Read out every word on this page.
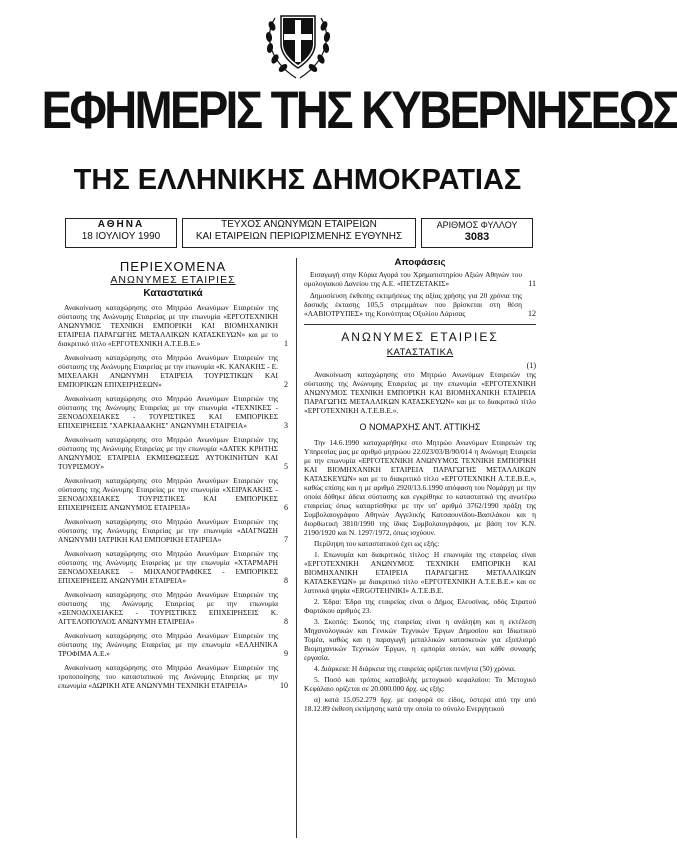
ΕΦΗΜΕΡΙΣ ΤΗΣ ΚΥΒΕΡΝΗΣΕΩΣ
ΤΗΣ ΕΛΛΗΝΙΚΗΣ ΔΗΜΟΚΡΑΤΙΑΣ
ΑΘΗΝΑ
18 ΙΟΥΛΙΟΥ 1990
ΤΕΥΧΟΣ ΑΝΩΝΥΜΩΝ ΕΤΑΙΡΕΙΩΝ
ΚΑΙ ΕΤΑΙΡΕΙΩΝ ΠΕΡΙΩΡΙΣΜΕΝΗΣ ΕΥΘΥΝΗΣ
ΑΡΙΘΜΟΣ ΦΥΛΛΟΥ
3083
ΠΕΡΙΕΧΟΜΕΝΑ
ΑΝΩΝΥΜΕΣ ΕΤΑΙΡΙΕΣ
Καταστατικά
Ανακοίνωση καταχώρησης στο Μητρώο Ανωνύμων Εταιρειών της σύστασης της Ανώνυμης Εταιρείας με την επωνυμία «ΕΡΓΟΤΕΧΝΙΚΗ ΑΝΩΝΥΜΟΣ ΤΕΧΝΙΚΗ ΕΜΠΟΡΙΚΗ ΚΑΙ ΒΙΟΜΗΧΑΝΙΚΗ ΕΤΑΙΡΕΙΑ ΠΑΡΑΓΩΓΗΣ ΜΕΤΑΛΛΙΚΩΝ ΚΑΤΑΣΚΕΥΩΝ» και με το διακριτικό τίτλο «ΕΡΓΟΤΕΧΝΙΚΗ Α.Τ.Ε.Β.Ε.»	1
Ανακοίνωση καταχώρησης στο Μητρώο Ανωνύμων Εταιρειών της σύστασης της Ανώνυμης Εταιρείας με την επωνυμία «Κ. ΚΑΝΑΚΗΣ - Ε. ΜΙΧΕΛΑΚΗ ΑΝΩΝΥΜΗ ΕΤΑΙΡΕΙΑ ΤΟΥΡΙΣΤΙΚΩΝ ΚΑΙ ΕΜΠΟΡΙΚΩΝ ΕΠΙΧΕΙΡΗΣΕΩΝ»	2
Ανακοίνωση καταχώρησης στο Μητρώο Ανωνύμων Εταιρειών της σύστασης της Ανώνυμης Εταιρείας με την επωνυμία «ΤΕΧΝΙΚΕΣ - ΞΕΝΟΔΟΧΕΙΑΚΕΣ - ΤΟΥΡΙΣΤΙΚΕΣ ΚΑΙ ΕΜΠΟΡΙΚΕΣ ΕΠΙΧΕΙΡΗΣΕΙΣ "ΧΑΡΚΙΑΔΑΚΗΣ" ΑΝΩΝΥΜΗ ΕΤΑΙΡΕΙΑ»	3
Ανακοίνωση καταχώρησης στο Μητρώο Ανωνύμων Εταιρειών της σύστασης της Ανώνυμης Εταιρείας με την επωνυμία «ΔΑΤΕΚ ΚΡΗΤΗΣ ΑΝΩΝΥΜΟΣ ΕΤΑΙΡΕΙΑ ΕΚΜΙΣΘΩΣΕΩΣ ΑΥΤΟΚΙΝΗΤΩΝ ΚΑΙ ΤΟΥΡΙΣΜΟΥ»	5
Ανακοίνωση καταχώρησης στο Μητρώο Ανωνύμων Εταιρειών της σύστασης της Ανώνυμης Εταιρείας με την επωνυμία «ΧΕΙΡΑΚΑΚΗΣ - ΞΕΝΟΔΟΧΕΙΑΚΕΣ ΤΟΥΡΙΣΤΙΚΕΣ ΚΑΙ ΕΜΠΟΡΙΚΕΣ ΕΠΙΧΕΙΡΗΣΕΙΣ ΑΝΩΝΥΜΟΣ ΕΤΑΙΡΕΙΑ»	6
Ανακοίνωση καταχώρησης στο Μητρώο Ανωνύμων Εταιρειών της σύστασης της Ανώνυμης Εταιρείας με την επωνυμία «ΔΙΑΓΝΩΣΗ ΑΝΩΝΥΜΗ ΙΑΤΡΙΚΗ ΚΑΙ ΕΜΠΟΡΙΚΗ ΕΤΑΙΡΕΙΑ»	7
Ανακοίνωση καταχώρησης στο Μητρώο Ανωνύμων Εταιρειών της σύστασης της Ανώνυμης Εταιρείας με την επωνυμία «ΧΤΑΡΜΑΡΗ ΞΕΝΟΔΟΧΕΙΑΚΕΣ - ΜΗΧΑΝΟΓΡΑΦΙΚΕΣ - ΕΜΠΟΡΙΚΕΣ ΕΠΙΧΕΙΡΗΣΕΙΣ ΑΝΩΝΥΜΗ ΕΤΑΙΡΕΙΑ»	8
Ανακοίνωση καταχώρησης στο Μητρώο Ανωνύμων Εταιρειών της σύστασης της Ανώνυμης Εταιρείας με την επωνυμία «ΞΕΝΟΔΟΧΕΙΑΚΕΣ - ΤΟΥΡΙΣΤΙΚΕΣ ΕΠΙΧΕΙΡΗΣΕΙΣ Κ. ΑΓΓΕΛΟΠΟΥΛΟΣ ΑΝΩΝΥΜΗ ΕΤΑΙΡΕΙΑ»	8
Ανακοίνωση καταχώρησης στο Μητρώο Ανωνύμων Εταιρειών της σύστασης της Ανώνυμης Εταιρείας με την επωνυμία «ΕΛΛΗΝΙΚΑ ΤΡΟΦΙΜΑ Α.Ε.»	9
Ανακοίνωση καταχώρησης στο Μητρώο Ανωνύμων Εταιρειών της τροποποίησης του καταστατικού της Ανώνυμης Εταιρείας με την επωνυμία «ΔΩΡΙΚΗ ΑΤΕ ΑΝΩΝΥΜΗ ΤΕΧΝΙΚΗ ΕΤΑΙΡΕΙΑ»	10
Αποφάσεις
Εισαγωγή στην Κύρια Αγορά του Χρηματιστηρίου Αξιών Αθηνών του ομολογιακού Δανείου της Α.Ε. «ΠΕΤΖΕΤΑΚΙΣ»	11
Δημοσίευση έκθεσης εκτιμήσεως της αξίας χρήσης για 20 χρόνια της δασικής έκτασης 105,5 στρεμμάτων που βρίσκεται στη θέση «ΛΑΒΙΟΤΡΥΠΕΣ» της Κοινότητας Οξυλίου Λάρισας	12
ΑΝΩΝΥΜΕΣ ΕΤΑΙΡΙΕΣ
ΚΑΤΑΣΤΑΤΙΚΑ
(1)
Ανακοίνωση καταχώρησης στο Μητρώο Ανωνύμων Εταιρειών της σύστασης της Ανώνυμης Εταιρείας με την επωνυμία «ΕΡΓΟΤΕΧΝΙΚΗ ΑΝΩΝΥΜΟΣ ΤΕΧΝΙΚΗ ΕΜΠΟΡΙΚΗ ΚΑΙ ΒΙΟΜΗΧΑΝΙΚΗ ΕΤΑΙΡΕΙΑ ΠΑΡΑΓΩΓΗΣ ΜΕΤΑΛΛΙΚΩΝ ΚΑΤΑΣΚΕΥΩΝ» και με το διακριτικό τίτλο «ΕΡΓΟΤΕΧΝΙΚΗ Α.Τ.Ε.Β.Ε.».
Ο ΝΟΜΑΡΧΗΣ ΑΝΤ. ΑΤΤΙΚΗΣ
Την 14.6.1990 καταχωρήθηκε στο Μητρώο Ανωνύμων Εταιρειών της Υπηρεσίας μας με αριθμό μητρώου 22.023/03/Β/90/014 η Ανώνυμη Εταιρεία με την επωνυμία «ΕΡΓΟΤΕΧΝΙΚΗ ΑΝΩΝΥΜΟΣ ΤΕΧΝΙΚΗ ΕΜΠΟΡΙΚΗ ΚΑΙ ΒΙΟΜΗΧΑΝΙΚΗ ΕΤΑΙΡΕΙΑ ΠΑΡΑΓΩΓΗΣ ΜΕΤΑΛΛΙΚΩΝ ΚΑΤΑΣΚΕΥΩΝ» και με το διακριτικό τίτλο «ΕΡΓΟΤΕΧΝΙΚΗ Α.Τ.Ε.Β.Ε.», καθώς επίσης και η με αριθμό 2920/13.6.1990 απόφαση του Νομάρχη με την οποία δόθηκε άδεια σύστασης και εγκρίθηκε το καταστατικό της ανωτέρω εταιρείας όπως καταρτίσθηκε με την υπ' αριθμό 3762/1990 πράξη της Συμβολαιογράφου Αθηνών Αγγελικής Κατσαουνίδου-Βασιλάκου και η διορθωτική 3810/1990 της ίδιας Συμβολαιογράφου, με βάση τον Κ.Ν. 2190/1920 και Ν. 1297/1972, όπως ισχύουν.
Περίληψη του καταστατικού έχει ως εξής:
1. Επωνυμία και διακριτικός τίτλος: Η επωνυμία της εταιρείας είναι «ΕΡΓΟΤΕΧΝΙΚΗ ΑΝΩΝΥΜΟΣ ΤΕΧΝΙΚΗ ΕΜΠΟΡΙΚΗ ΚΑΙ ΒΙΟΜΗΧΑΝΙΚΗ ΕΤΑΙΡΕΙΑ ΠΑΡΑΓΩΓΗΣ ΜΕΤΑΛΛΙΚΩΝ ΚΑΤΑΣΚΕΥΩΝ» με διακριτικό τίτλο «ΕΡΓΟΤΕΧΝΙΚΗ Α.Τ.Ε.Β.Ε.» και σε λατινικά ψηφία «ERGOTEHNIKI» Α.Τ.Ε.Β.Ε.
2. Έδρα: Έδρα της εταιρείας είναι ο Δήμος Ελευσίνας, οδός Στρατού Φαρτάκου αριθμός 23.
3. Σκοπός: Σκοπός της εταιρείας είναι η ανάληψη και η εκτέλεση Μηχανολογικών και Γενικών Τεχνικών Έργων Δημοσίου και Ιδιωτικού Τομέα, καθώς και η παραγωγή μεταλλικών κατασκευών για εξοπλισμό Βιομηχανικών Τεχνικών Έργων, η εμπορία αυτών, και κάθε συναφής εργασία.
4. Διάρκεια: Η διάρκεια της εταιρείας ορίζεται πενήντα (50) χρόνια.
5. Ποσό και τρόπος καταβολής μετοχικού κεφαλαίου: Το Μετοχικό Κεφάλαιο ορίζεται σε 20.000.000 δρχ. ως εξής:
α) κατά 15.052.279 δρχ. με εισφορά σε είδος, ύστερα από την από 18.12.89 έκθεση εκτίμησης κατά την οποία το σύνολο Ενεργητικού
